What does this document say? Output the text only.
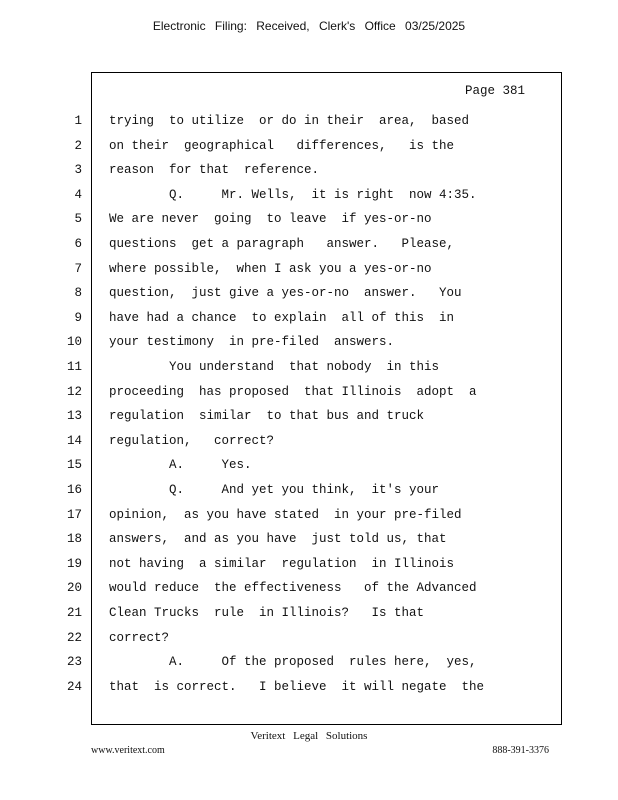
Electronic Filing: Received, Clerk's Office 03/25/2025
Page 381
1 trying  to utilize  or do in their  area,  based
2 on their  geographical   differences,   is the
3 reason  for that  reference.
4 Q.     Mr. Wells,  it is right  now 4:35.
5 We are never  going  to leave  if yes-or-no
6 questions  get a paragraph   answer.   Please,
7 where possible,  when I ask you a yes-or-no
8 question,  just give a yes-or-no  answer.   You
9 have had a chance  to explain  all of this  in
10 your testimony  in pre-filed  answers.
11 You understand  that nobody  in this
12 proceeding  has proposed  that Illinois  adopt  a
13 regulation  similar  to that bus and truck
14 regulation,   correct?
15 A.     Yes.
16 Q.     And yet you think,  it's your
17 opinion,  as you have stated  in your pre-filed
18 answers,  and as you have  just told us, that
19 not having  a similar  regulation  in Illinois
20 would reduce  the effectiveness   of the Advanced
21 Clean Trucks  rule  in Illinois?   Is that
22 correct?
23 A.     Of the proposed  rules here,  yes,
24 that  is correct.   I believe  it will negate  the
Veritext Legal Solutions
www.veritext.com	888-391-3376
